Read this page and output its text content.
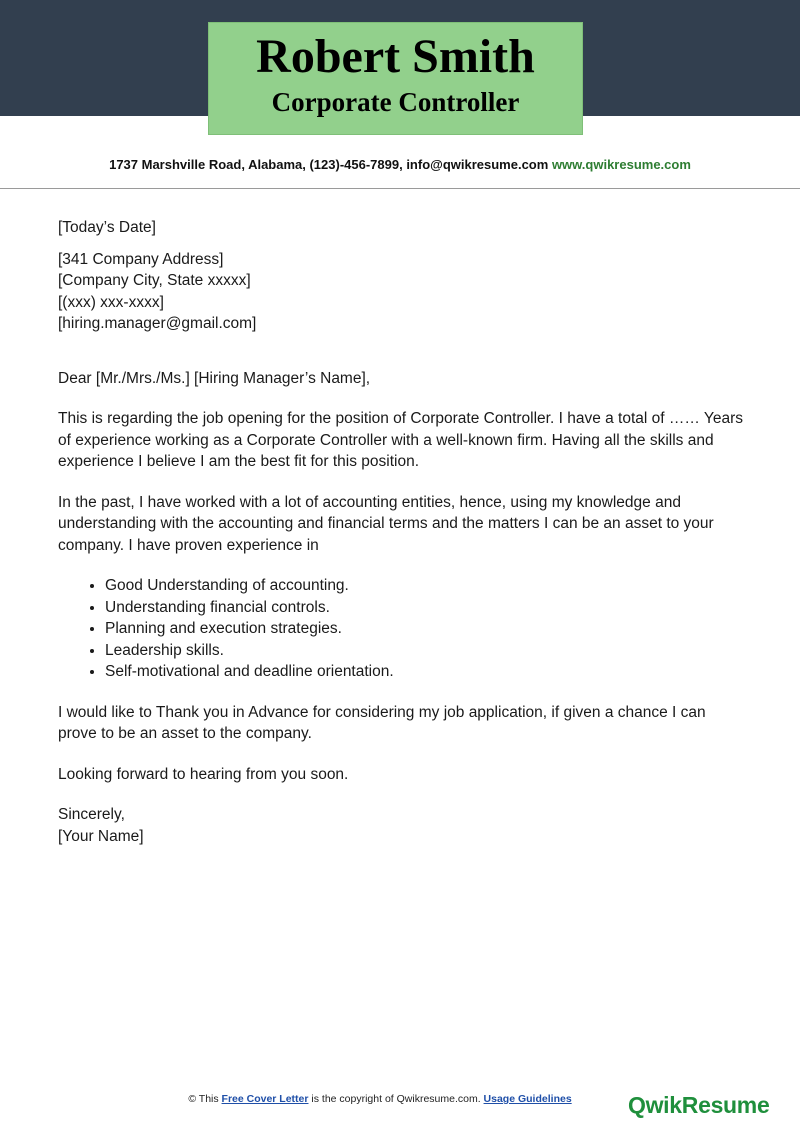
Robert Smith
Corporate Controller
1737 Marshville Road, Alabama, (123)-456-7899, info@qwikresume.com www.qwikresume.com

[Today’s Date]

[341 Company Address]

[Company City, State xxxxx]

[(xxx) xxx-xxxx]

[hiring.manager@gmail.com]

Dear [Mr./Mrs./Ms.] [Hiring Manager’s Name],

This is regarding the job opening for the position of Corporate Controller. I have a total of …… Years of experience working as a Corporate Controller with a well-known firm. Having all the skills and experience I believe I am the best fit for this position.

In the past, I have worked with a lot of accounting entities, hence, using my knowledge and understanding with the accounting and financial terms and the matters I can be an asset to your company. I have proven experience in

• Good Understanding of accounting.
• Understanding financial controls.
• Planning and execution strategies.
• Leadership skills.
• Self-motivational and deadline orientation.

I would like to Thank you in Advance for considering my job application, if given a chance I can prove to be an asset to the company.

Looking forward to hearing from you soon.

Sincerely,

[Your Name]

© This Free Cover Letter is the copyright of Qwikresume.com. Usage Guidelines	QwikResume
